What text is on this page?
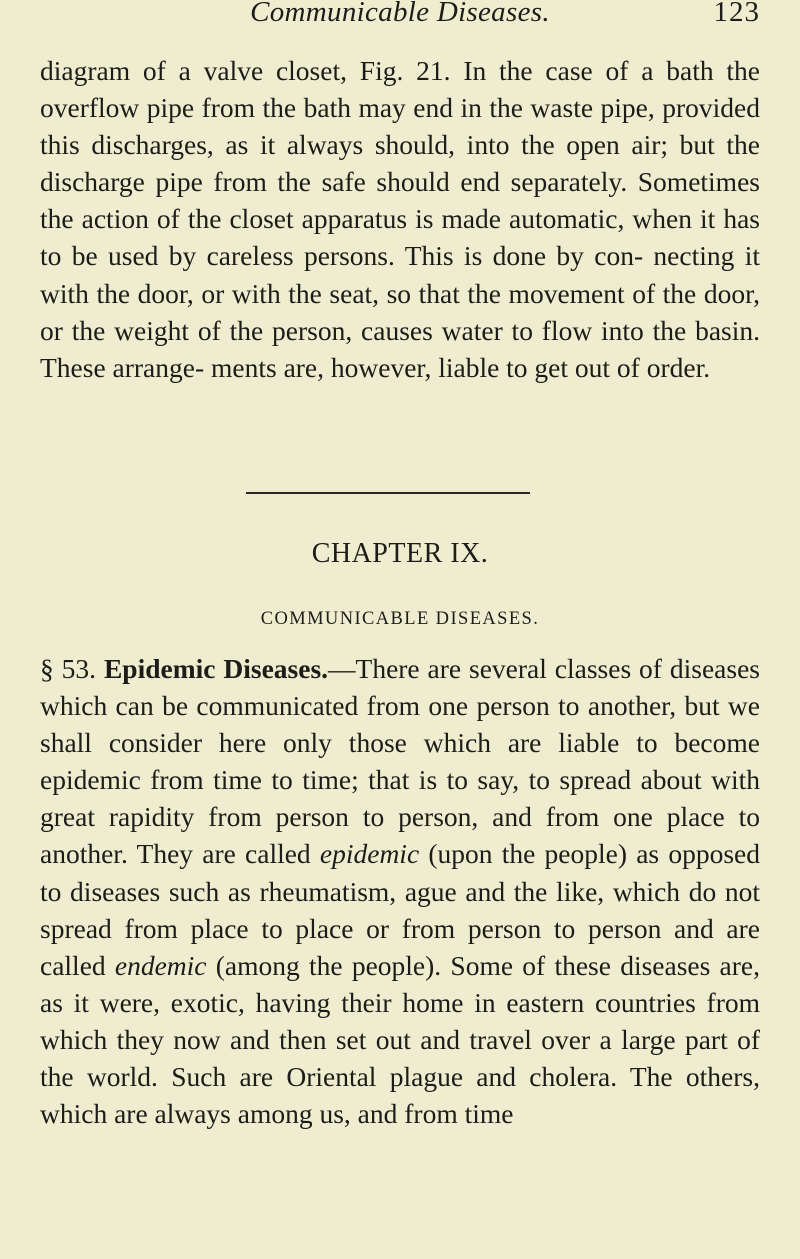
Communicable Diseases.	123

diagram of a valve closet, Fig. 21. In the case of a bath the overflow pipe from the bath may end in the waste pipe, provided this discharges, as it always should, into the open air; but the discharge pipe from the safe should end separately. Sometimes the action of the closet apparatus is made automatic, when it has to be used by careless persons. This is done by con- necting it with the door, or with the seat, so that the movement of the door, or the weight of the person, causes water to flow into the basin. These arrange- ments are, however, liable to get out of order.

CHAPTER IX.
COMMUNICABLE DISEASES.

§ 53. Epidemic Diseases.—There are several classes of diseases which can be communicated from one person to another, but we shall consider here only those which are liable to become epidemic from time to time; that is to say, to spread about with great rapidity from person to person, and from one place to another. They are called epidemic (upon the people) as opposed to diseases such as rheumatism, ague and the like, which do not spread from place to place or from person to person and are called endemic (among the people). Some of these diseases are, as it were, exotic, having their home in eastern countries from which they now and then set out and travel over a large part of the world. Such are Oriental plague and cholera. The others, which are always among us, and from time
